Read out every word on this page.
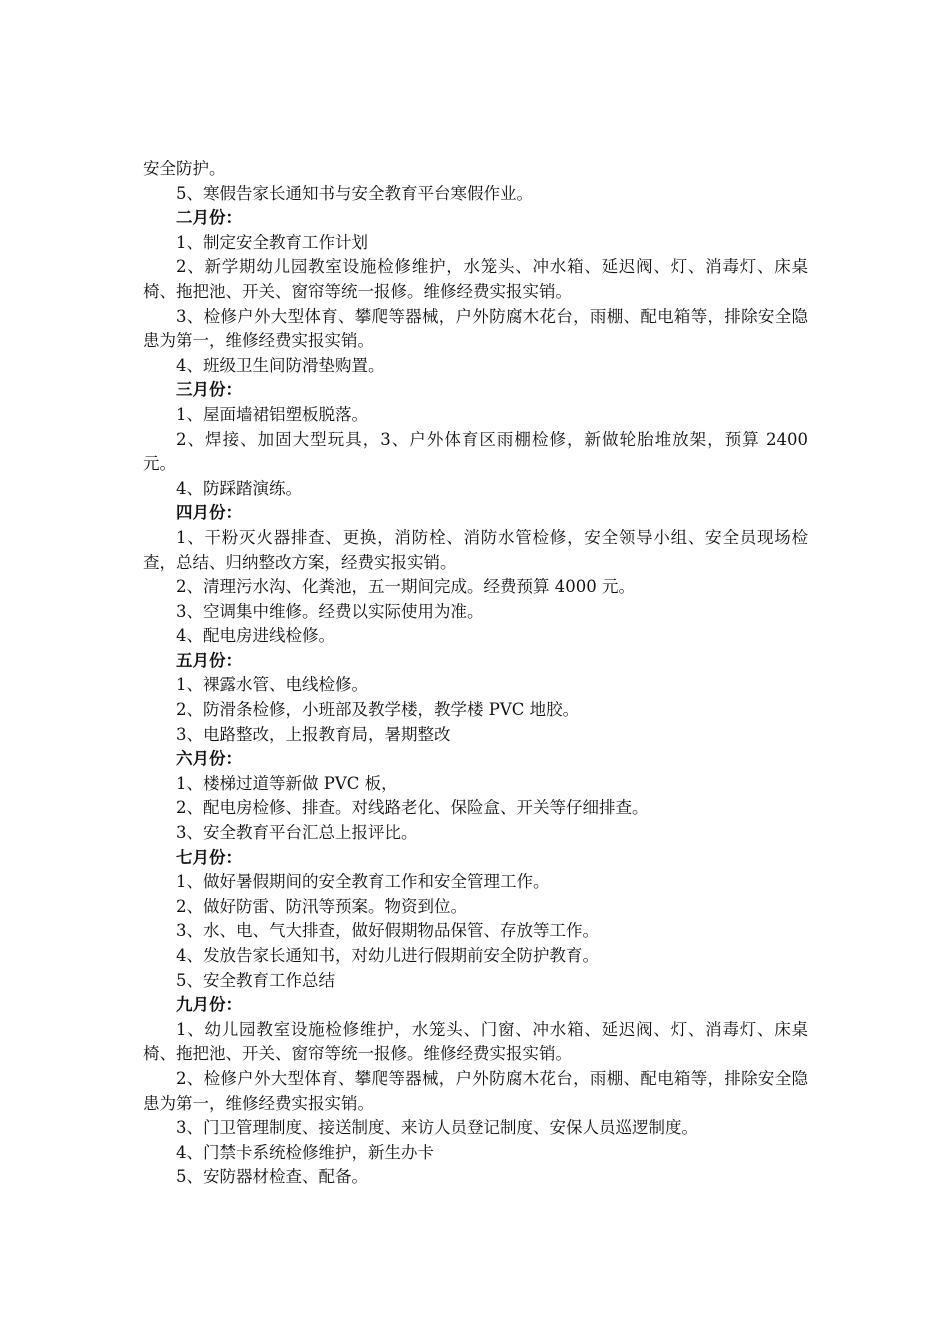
安全防护。

5、寒假告家长通知书与安全教育平台寒假作业。

二月份：

1、制定安全教育工作计划

2、新学期幼儿园教室设施检修维护，水笼头、冲水箱、延迟阀、灯、消毒灯、床桌椅、拖把池、开关、窗帘等统一报修。维修经费实报实销。

3、检修户外大型体育、攀爬等器械，户外防腐木花台，雨棚、配电箱等，排除安全隐患为第一，维修经费实报实销。

4、班级卫生间防滑垫购置。

三月份：

1、屋面墙裙铝塑板脱落。

2、焊接、加固大型玩具，3、户外体育区雨棚检修，新做轮胎堆放架，预算 2400 元。

4、防踩踏演练。

四月份：

1、干粉灭火器排查、更换，消防栓、消防水管检修，安全领导小组、安全员现场检查，总结、归纳整改方案，经费实报实销。

2、清理污水沟、化粪池，五一期间完成。经费预算 4000 元。

3、空调集中维修。经费以实际使用为准。

4、配电房进线检修。

五月份：

1、裸露水管、电线检修。

2、防滑条检修，小班部及教学楼，教学楼 PVC 地胶。

3、电路整改，上报教育局，暑期整改

六月份：

1、楼梯过道等新做 PVC 板，

2、配电房检修、排查。对线路老化、保险盒、开关等仔细排查。

3、安全教育平台汇总上报评比。

七月份：

1、做好暑假期间的安全教育工作和安全管理工作。

2、做好防雷、防汛等预案。物资到位。

3、水、电、气大排查，做好假期物品保管、存放等工作。

4、发放告家长通知书，对幼儿进行假期前安全防护教育。

5、安全教育工作总结

九月份：

1、幼儿园教室设施检修维护，水笼头、门窗、冲水箱、延迟阀、灯、消毒灯、床桌椅、拖把池、开关、窗帘等统一报修。维修经费实报实销。

2、检修户外大型体育、攀爬等器械，户外防腐木花台，雨棚、配电箱等，排除安全隐患为第一，维修经费实报实销。

3、门卫管理制度、接送制度、来访人员登记制度、安保人员巡逻制度。

4、门禁卡系统检修维护，新生办卡

5、安防器材检查、配备。
